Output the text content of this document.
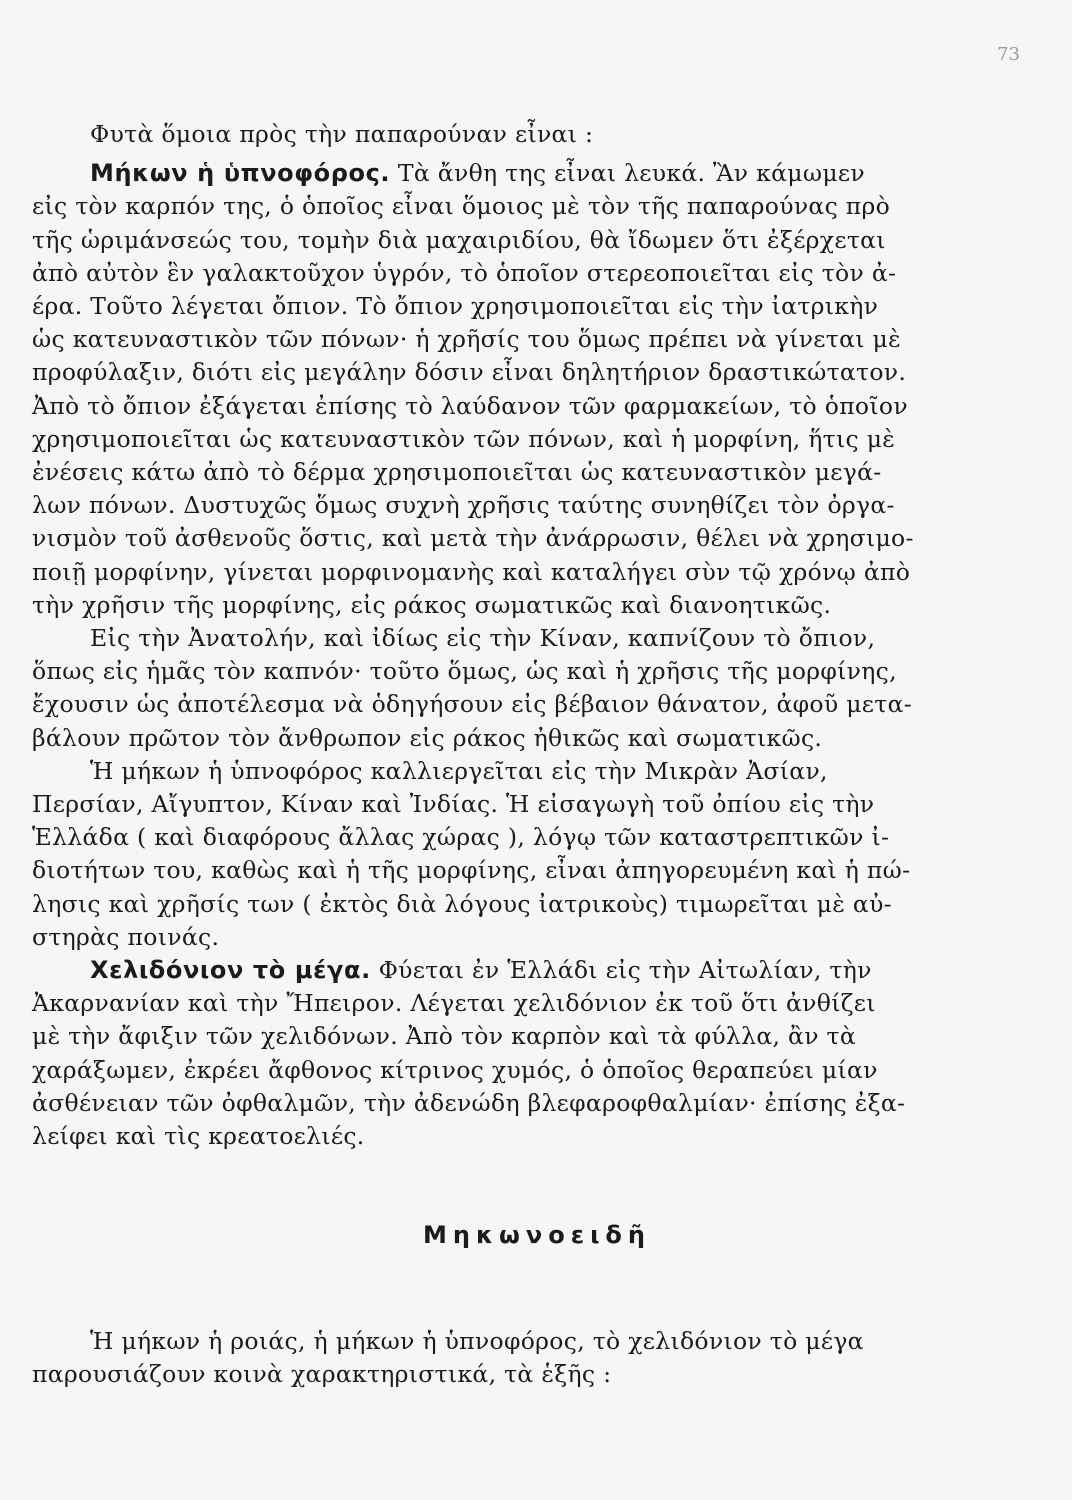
73

Φυτὰ ὅμοια πρὸς τὴν παπαρούναν εἶναι :

Μήκων ἡ ὑπνοφόρος. Τὰ ἄνθη της εἶναι λευκά. Ἂν κάμωμεν
εἰς τὸν καρπόν της, ὁ ὁποῖος εἶναι ὅμοιος μὲ τὸν τῆς παπαρούνας πρὸ
τῆς ὡριμάνσεώς του, τομὴν διὰ μαχαιριδίου, θὰ ἴδωμεν ὅτι ἐξέρχεται
ἀπὸ αὐτὸν ἓν γαλακτοῦχον ὑγρόν, τὸ ὁποῖον στερεοποιεῖται εἰς τὸν ἀ-
έρα. Τοῦτο λέγεται ὄπιον. Τὸ ὄπιον χρησιμοποιεῖται εἰς τὴν ἰατρικὴν
ὡς κατευναστικὸν τῶν πόνων· ἡ χρῆσίς του ὅμως πρέπει νὰ γίνεται μὲ
προφύλαξιν, διότι εἰς μεγάλην δόσιν εἶναι δηλητήριον δραστικώτατον.
Ἀπὸ τὸ ὄπιον ἐξάγεται ἐπίσης τὸ λαύδανον τῶν φαρμακείων, τὸ ὁποῖον
χρησιμοποιεῖται ὡς κατευναστικὸν τῶν πόνων, καὶ ἡ μορφίνη, ἥτις μὲ
ἐνέσεις κάτω ἀπὸ τὸ δέρμα χρησιμοποιεῖται ὡς κατευναστικὸν μεγά-
λων πόνων. Δυστυχῶς ὅμως συχνὴ χρῆσις ταύτης συνηθίζει τὸν ὀργα-
νισμὸν τοῦ ἀσθενοῦς ὅστις, καὶ μετὰ τὴν ἀνάρρωσιν, θέλει νὰ χρησιμο-
ποιῇ μορφίνην, γίνεται μορφινομανὴς καὶ καταλήγει σὺν τῷ χρόνῳ ἀπὸ
τὴν χρῆσιν τῆς μορφίνης, εἰς ράκος σωματικῶς καὶ διανοητικῶς.

Εἰς τὴν Ἀνατολήν, καὶ ἰδίως εἰς τὴν Κίναν, καπνίζουν τὸ ὄπιον,
ὅπως εἰς ἡμᾶς τὸν καπνόν· τοῦτο ὅμως, ὡς καὶ ἡ χρῆσις τῆς μορφίνης,
ἔχουσιν ὡς ἀποτέλεσμα νὰ ὁδηγήσουν εἰς βέβαιον θάνατον, ἀφοῦ μετα-
βάλουν πρῶτον τὸν ἄνθρωπον εἰς ράκος ἠθικῶς καὶ σωματικῶς.

Ἡ μήκων ἡ ὑπνοφόρος καλλιεργεῖται εἰς τὴν Μικρὰν Ἀσίαν,
Περσίαν, Αἴγυπτον, Κίναν καὶ Ἰνδίας. Ἡ εἰσαγωγὴ τοῦ ὀπίου εἰς τὴν
Ἑλλάδα ( καὶ διαφόρους ἄλλας χώρας ), λόγῳ τῶν καταστρεπτικῶν ἰ-
διοτήτων του, καθὼς καὶ ἡ τῆς μορφίνης, εἶναι ἀπηγορευμένη καὶ ἡ πώ-
λησις καὶ χρῆσίς των ( ἐκτὸς διὰ λόγους ἰατρικοὺς) τιμωρεῖται μὲ αὐ-
στηρὰς ποινάς.

Χελιδόνιον τὸ μέγα. Φύεται ἐν Ἑλλάδι εἰς τὴν Αἰτωλίαν, τὴν
Ἀκαρνανίαν καὶ τὴν Ἤπειρον. Λέγεται χελιδόνιον ἐκ τοῦ ὅτι ἀνθίζει
μὲ τὴν ἄφιξιν τῶν χελιδόνων. Ἀπὸ τὸν καρπὸν καὶ τὰ φύλλα, ἂν τὰ
χαράξωμεν, ἐκρέει ἄφθονος κίτρινος χυμός, ὁ ὁποῖος θεραπεύει μίαν
ἀσθένειαν τῶν ὀφθαλμῶν, τὴν ἀδενώδη βλεφαροφθαλμίαν· ἐπίσης ἐξα-
λείφει καὶ τὶς κρεατοελιές.

Μηκωνοειδῆ

Ἡ μήκων ἡ ροιάς, ἡ μήκων ἡ ὑπνοφόρος, τὸ χελιδόνιον τὸ μέγα
παρουσιάζουν κοινὰ χαρακτηριστικά, τὰ ἑξῆς :
